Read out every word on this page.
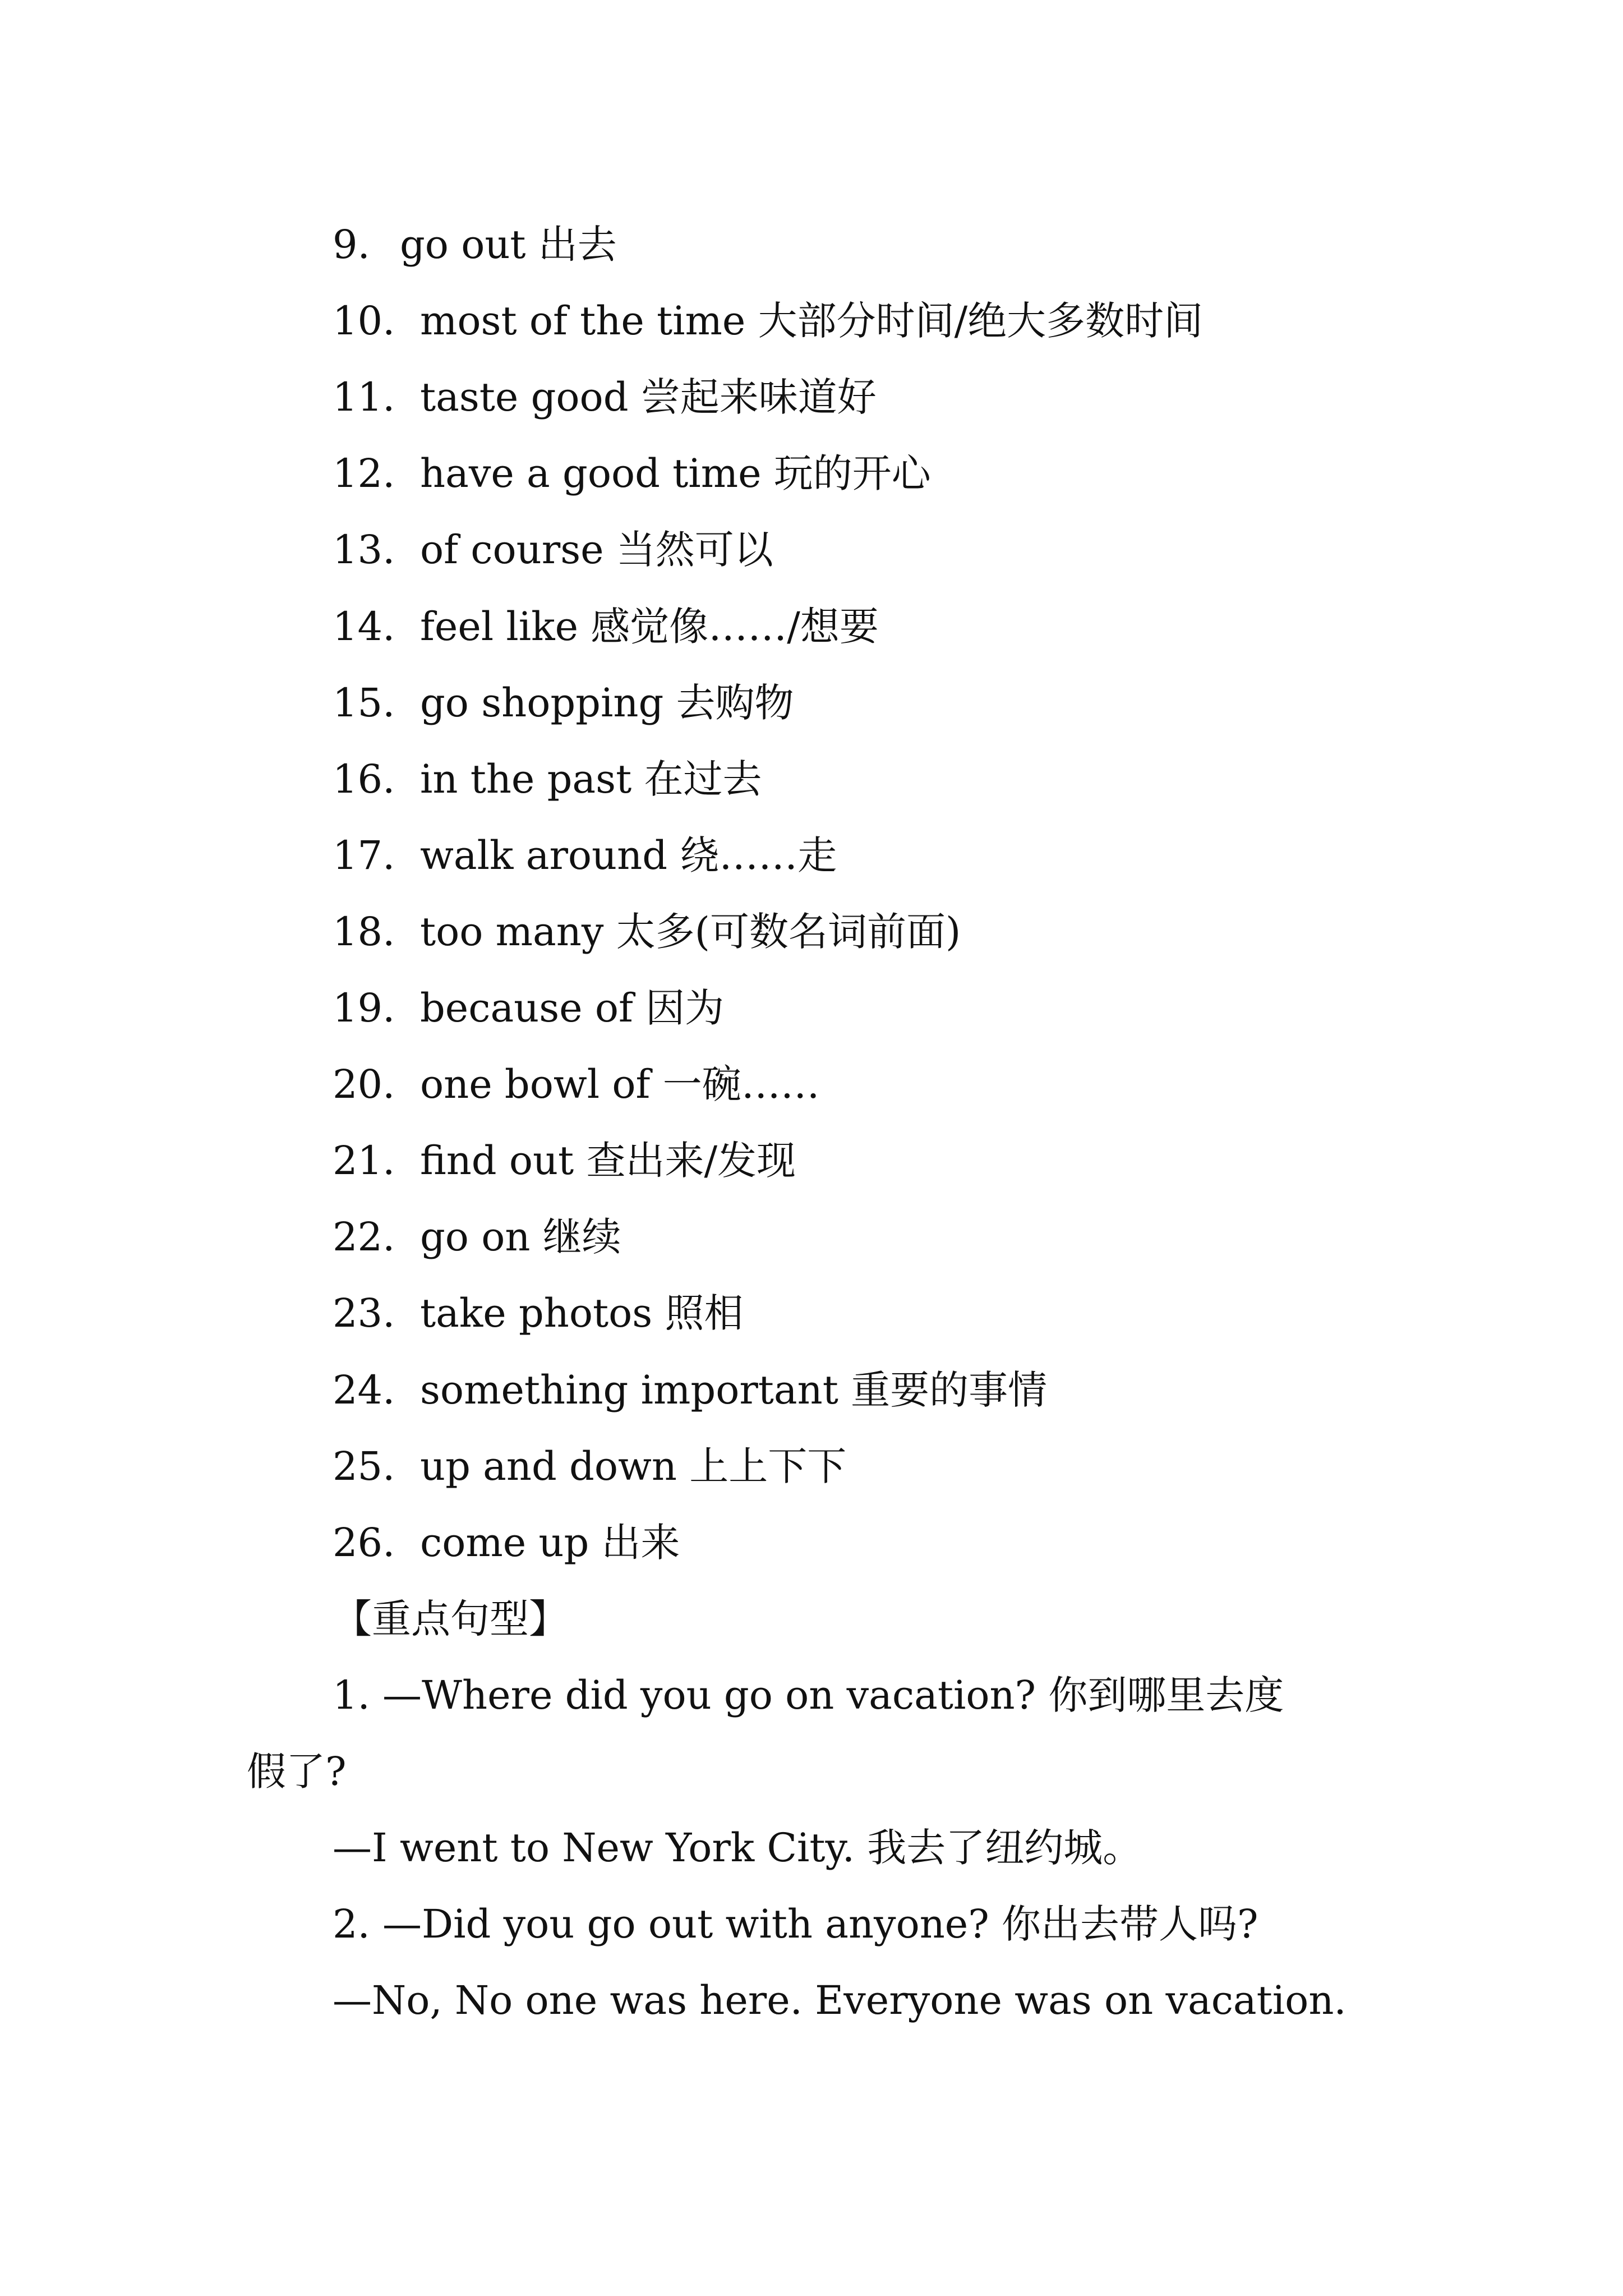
9. go out 出去
10. most of the time 大部分时间/绝大多数时间
11. taste good 尝起来味道好
12. have a good time 玩的开心
13. of course 当然可以
14. feel like 感觉像……/想要
15. go shopping 去购物
16. in the past 在过去
17. walk around 绕……走
18. too many 太多(可数名词前面)
19. because of 因为
20. one bowl of 一碗……
21. find out 查出来/发现
22. go on 继续
23. take photos 照相
24. something important 重要的事情
25. up and down 上上下下
26. come up 出来
【重点句型】
1. —Where did you go on vacation? 你到哪里去度
假了?
—I went to New York City. 我去了纽约城。
2. —Did you go out with anyone? 你出去带人吗?
—No, No one was here. Everyone was on vacation.
